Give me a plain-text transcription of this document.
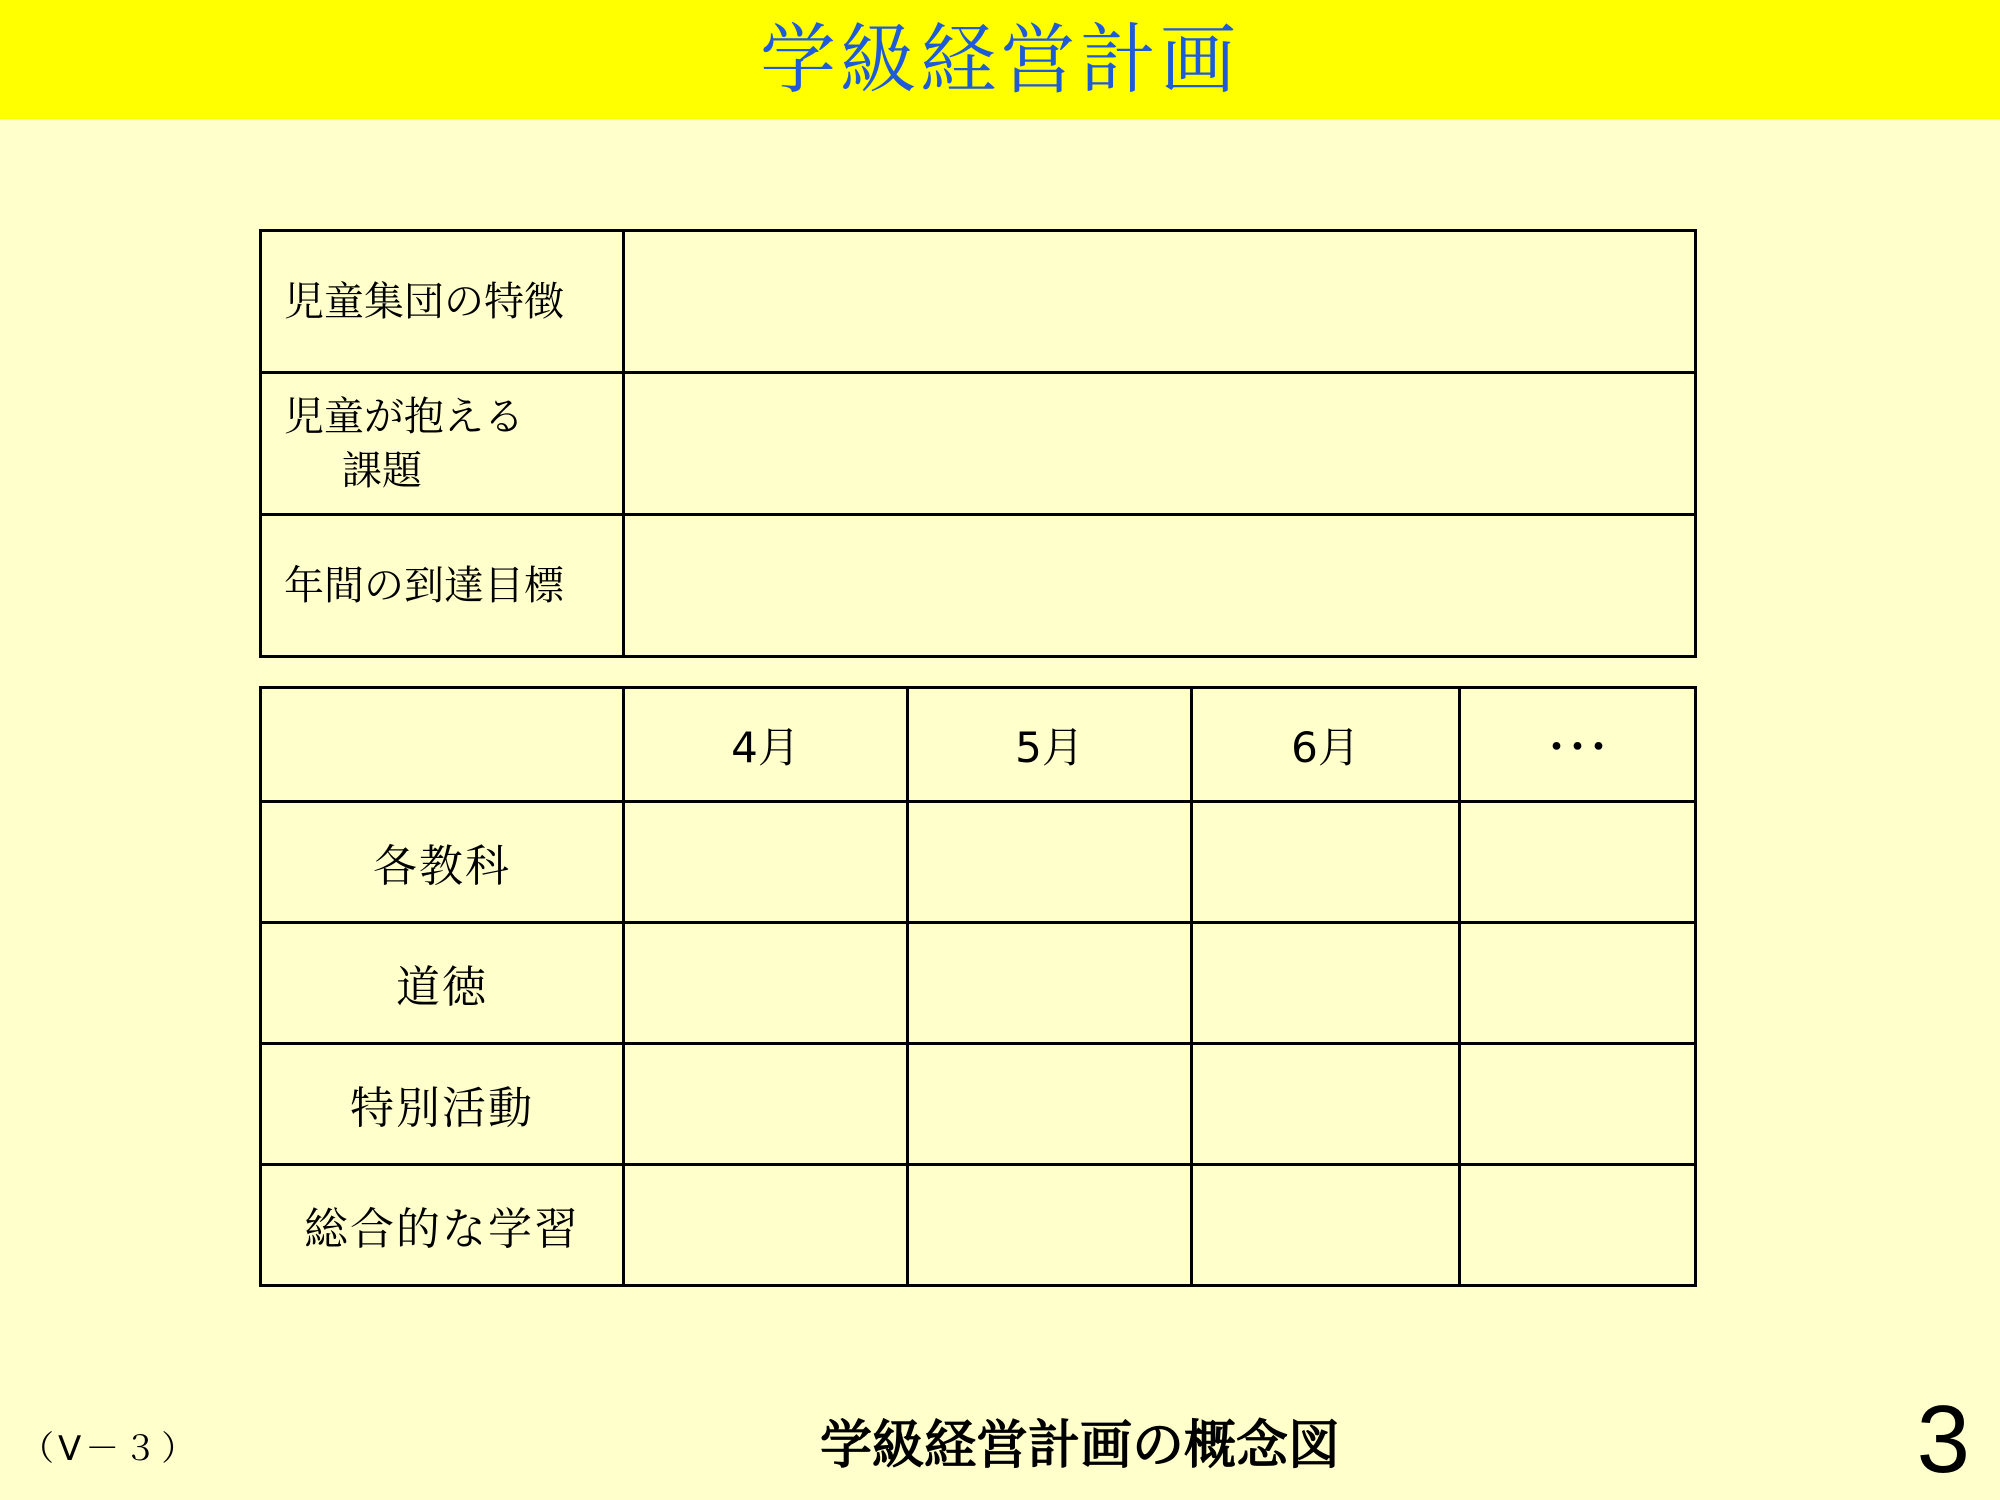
学級経営計画
児童集団の特徴	
児童が抱える
課題	

年間の到達目標	
	4月	5月	6月	･･･
各教科				
道徳				
特別活動				
総合的な学習				
（Ⅴ－３）	学級経営計画の概念図	3
